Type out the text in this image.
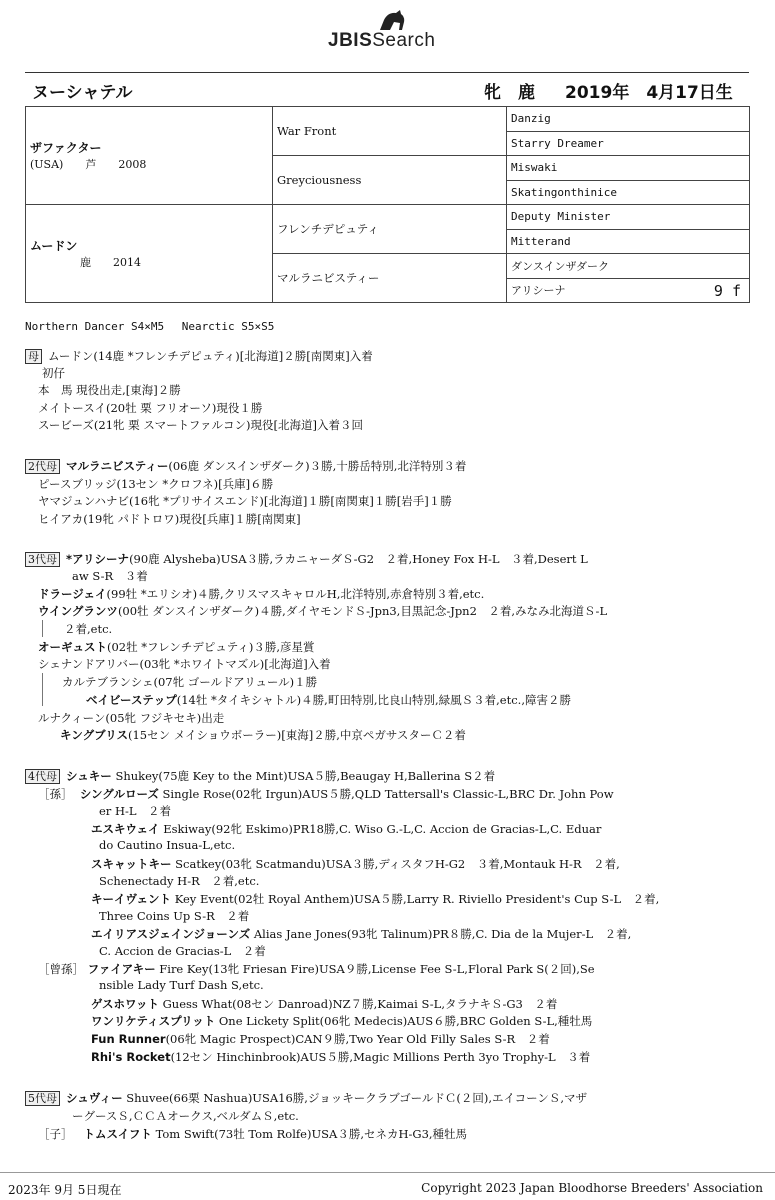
JBISSearch
ヌーシャテル	牝　鹿 2019年　4月17日生
ザファクター
(USA)　　芦　　2008	War Front	Danzig
		Starry Dreamer
	Greyciousness	Miswaki
		Skatingonthinice

ムードン
鹿　　2014	フレンチデピュティ	Deputy Minister
		Mitterand
	マルラニビスティー	ダンスインザダーク
		アリシーナ 9 f
Northern Dancer S4×M5　 Nearctic S5×S5
母 ムードン(14鹿 *フレンチデピュティ)[北海道]２勝[南関東]入着
初仔
本　馬 現役出走,[東海]２勝
メイトースイ(20牡 栗 フリオーソ)現役１勝
スービーズ(21牝 栗 スマートファルコン)現役[北海道]入着３回
2代母 マルラニビスティー(06鹿 ダンスインザダーク)３勝,十勝岳特別,北洋特別３着
ピースブリッジ(13セン *クロフネ)[兵庫]６勝
ヤマジュンハナビ(16牝 *プリサイスエンド)[北海道]１勝[南関東]１勝[岩手]１勝
ヒイアカ(19牝 パドトロワ)現役[兵庫]１勝[南関東]
3代母 *アリシーナ(90鹿 Alysheba)USA３勝,ラカニャーダＳ-G2　２着,Honey Fox H-L　３着,Desert L
aw S-R　３着
ドラージェイ(99牡 *エリシオ)４勝,クリスマスキャロルH,北洋特別,赤倉特別３着,etc.
ウイングランツ(00牡 ダンスインザダーク)４勝,ダイヤモンドＳ-Jpn3,目黒記念-Jpn2　２着,みなみ北海道Ｓ-L
２着,etc.
オーギュスト(02牡 *フレンチデピュティ)３勝,彦星賞
シェナンドアリバー(03牝 *ホワイトマズル)[北海道]入着
カルテブランシェ(07牝 ゴールドアリュール)１勝
ベイビーステップ(14牡 *タイキシャトル)４勝,町田特別,比良山特別,緑風Ｓ３着,etc.,障害２勝
ルナクィーン(05牝 フジキセキ)出走
キングブリス(15セン メイショウボーラー)[東海]２勝,中京ペガサスターＣ２着
4代母 シュキー Shukey(75鹿 Key to the Mint)USA５勝,Beaugay H,Ballerina S２着
［孫］ シングルローズ Single Rose(02牝 Irgun)AUS５勝,QLD Tattersall's Classic-L,BRC Dr. John Pow
er H-L　２着
エスキウェイ Eskiway(92牝 Eskimo)PR18勝,C. Wiso G.-L,C. Accion de Gracias-L,C. Eduar
do Cautino Insua-L,etc.
スキャットキー Scatkey(03牝 Scatmandu)USA３勝,ディスタフH-G2　３着,Montauk H-R　２着,
Schenectady H-R　２着,etc.
キーイヴェント Key Event(02牡 Royal Anthem)USA５勝,Larry R. Riviello President's Cup S-L　２着,
Three Coins Up S-R　２着
エイリアスジェインジョーンズ Alias Jane Jones(93牝 Talinum)PR８勝,C. Dia de la Mujer-L　２着,
C. Accion de Gracias-L　２着
［曾孫］ ファイアキー Fire Key(13牝 Friesan Fire)USA９勝,License Fee S-L,Floral Park S(２回),Se
nsible Lady Turf Dash S,etc.
ゲスホワット Guess What(08セン Danroad)NZ７勝,Kaimai S-L,タラナキＳ-G3　２着
ワンリケティスプリット One Lickety Split(06牝 Medecis)AUS６勝,BRC Golden S-L,種牡馬
Fun Runner(06牝 Magic Prospect)CAN９勝,Two Year Old Filly Sales S-R　２着
Rhi's Rocket(12セン Hinchinbrook)AUS５勝,Magic Millions Perth 3yo Trophy-L　３着
5代母 シュヴィー Shuvee(66栗 Nashua)USA16勝,ジョッキークラブゴールドＣ(２回),エイコーンＳ,マザ
ーグースＳ,ＣＣＡオークス,ベルダムＳ,etc.
［子］ トムスイフト Tom Swift(73牡 Tom Rolfe)USA３勝,セネカH-G3,種牡馬
2023年 9月 5日現在	Copyright 2023 Japan Bloodhorse Breeders' Association
